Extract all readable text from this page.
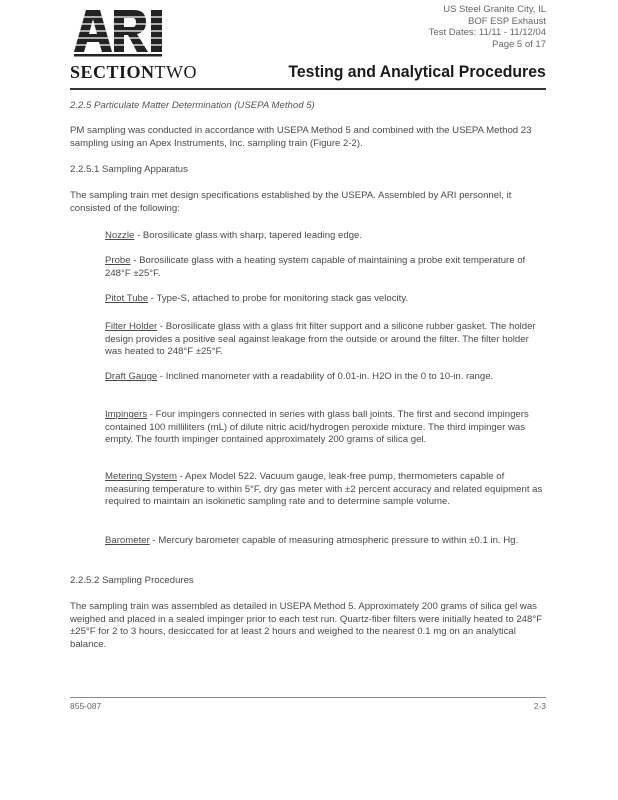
ARI	US Steel Granite City, IL
BOF ESP Exhaust
Test Dates: 11/11 - 11/12/04
Page 5 of 17
SECTIONTWO	Testing and Analytical Procedures
2.2.5 Particulate Matter Determination (USEPA Method 5)
PM sampling was conducted in accordance with USEPA Method 5 and combined with the USEPA Method 23 sampling using an Apex Instruments, Inc. sampling train (Figure 2-2).
2.2.5.1 Sampling Apparatus
The sampling train met design specifications established by the USEPA. Assembled by ARI personnel, it consisted of the following:
Nozzle - Borosilicate glass with sharp, tapered leading edge.
Probe - Borosilicate glass with a heating system capable of maintaining a probe exit temperature of 248°F ±25°F.
Pitot Tube - Type-S, attached to probe for monitoring stack gas velocity.
Filter Holder - Borosilicate glass with a glass frit filter support and a silicone rubber gasket. The holder design provides a positive seal against leakage from the outside or around the filter. The filter holder was heated to 248°F ±25°F.
Draft Gauge - Inclined manometer with a readability of 0.01-in. H2O in the 0 to 10-in. range.
Impingers - Four impingers connected in series with glass ball joints. The first and second impingers contained 100 milliliters (mL) of dilute nitric acid/hydrogen peroxide mixture. The third impinger was empty. The fourth impinger contained approximately 200 grams of silica gel.
Metering System - Apex Model 522. Vacuum gauge, leak-free pump, thermometers capable of measuring temperature to within 5°F, dry gas meter with ±2 percent accuracy and related equipment as required to maintain an isokinetic sampling rate and to determine sample volume.
Barometer - Mercury barometer capable of measuring atmospheric pressure to within ±0.1 in. Hg.
2.2.5.2 Sampling Procedures
The sampling train was assembled as detailed in USEPA Method 5. Approximately 200 grams of silica gel was weighed and placed in a sealed impinger prior to each test run. Quartz-fiber filters were initially heated to 248°F ±25°F for 2 to 3 hours, desiccated for at least 2 hours and weighed to the nearest 0.1 mg on an analytical balance.
855-087	2-3
